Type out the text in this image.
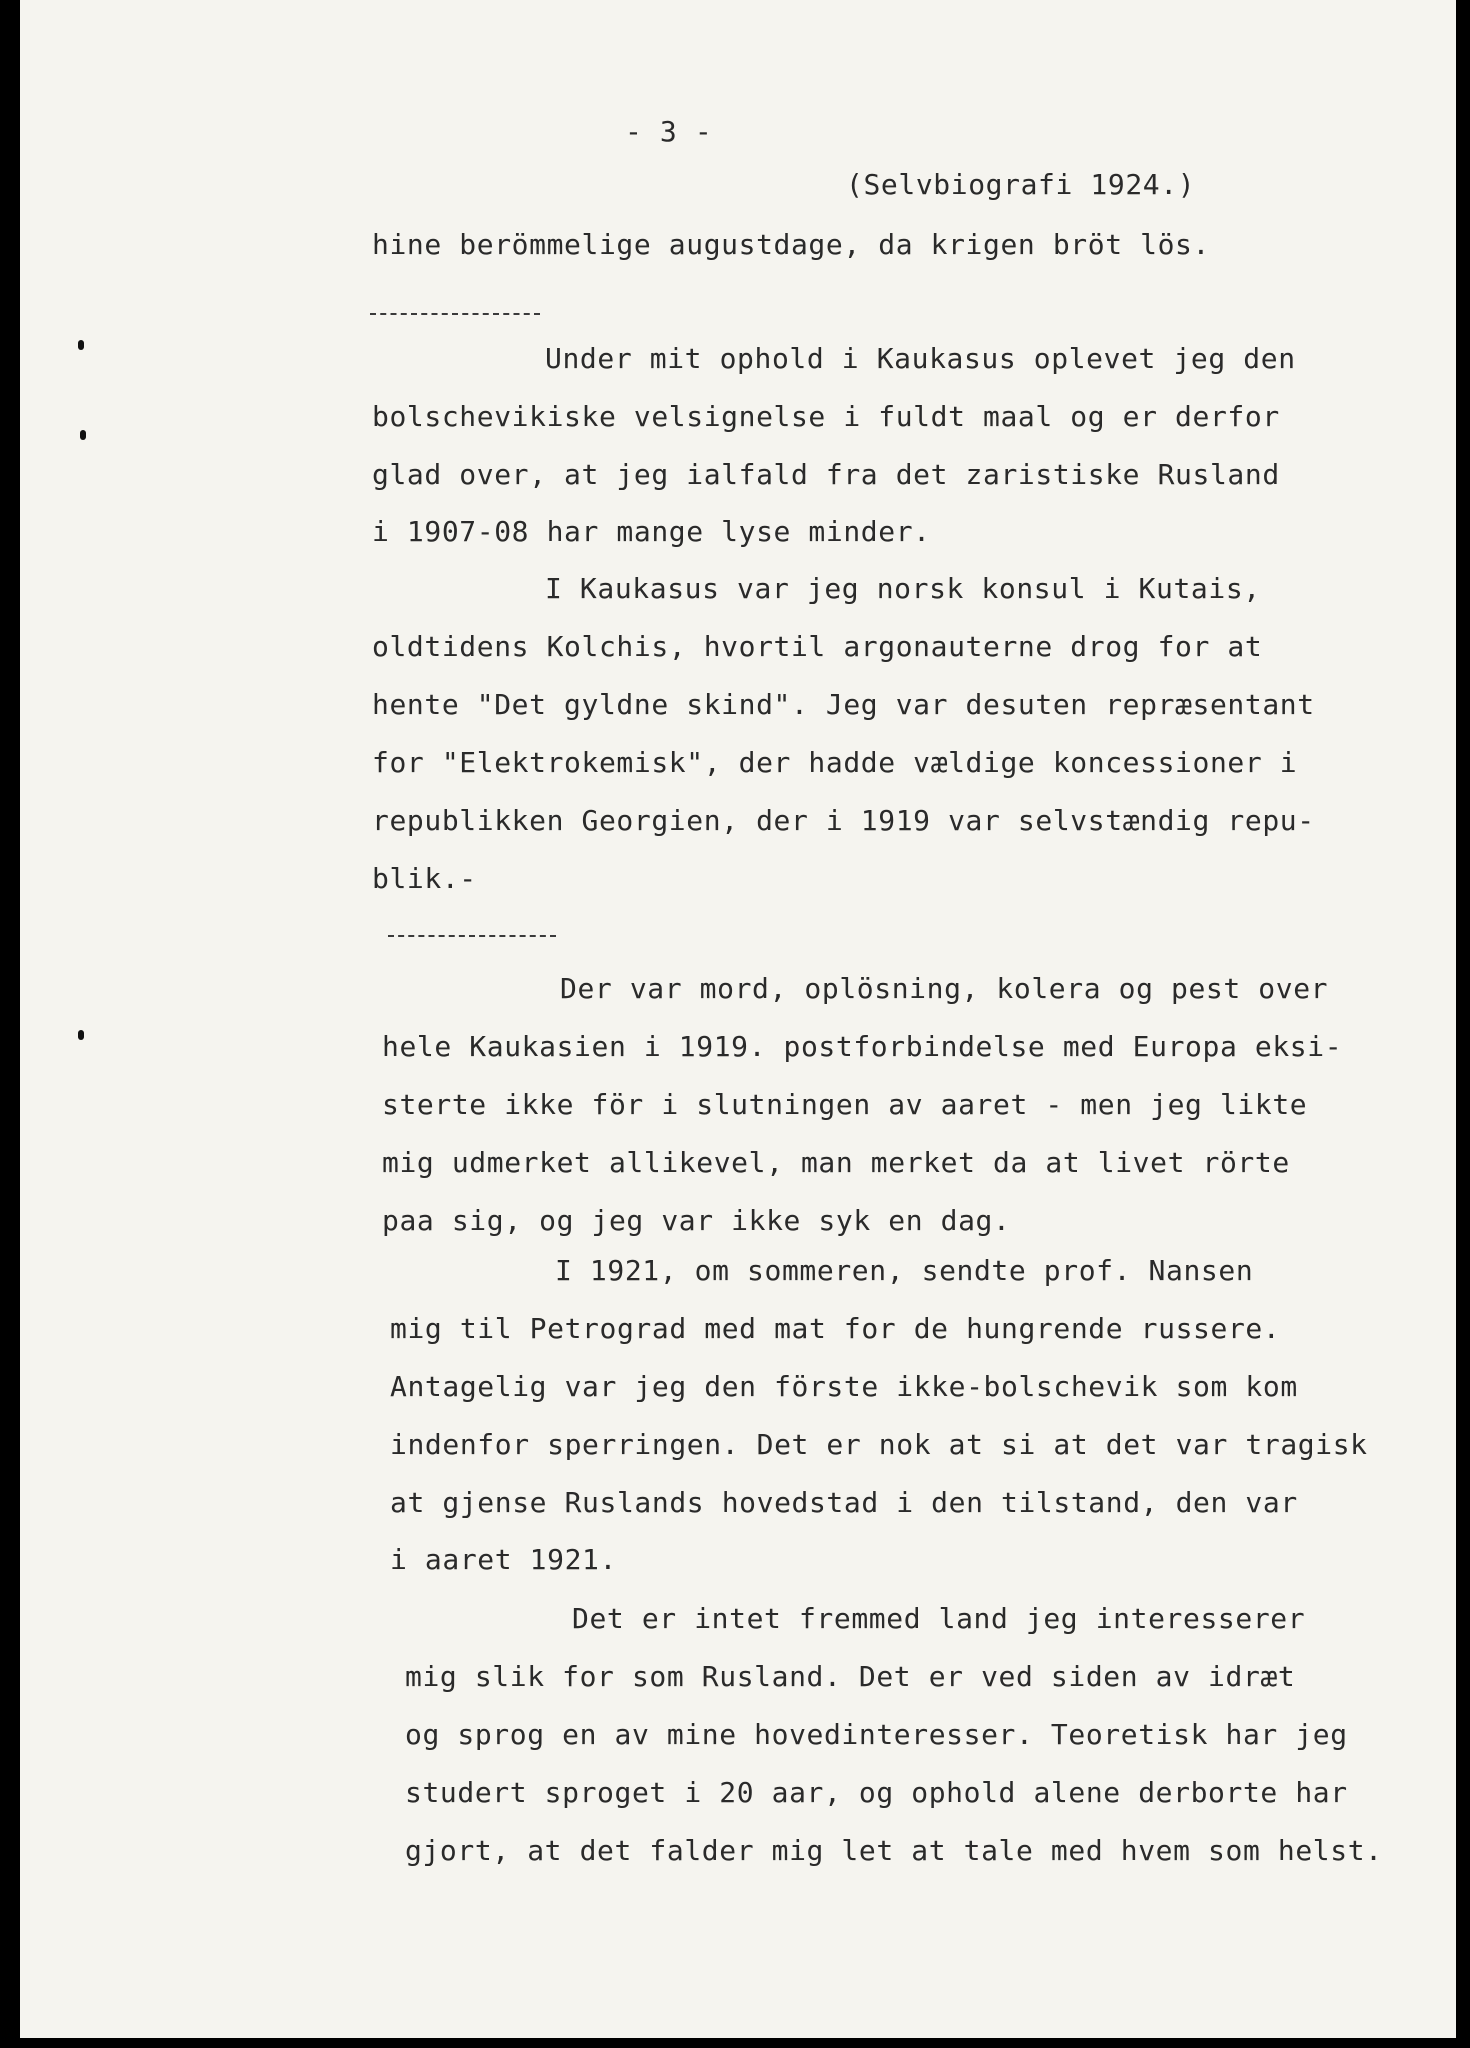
- 3 -
(Selvbiografi 1924.)
hine berömmelige augustdage, da krigen bröt lös.
Under mit ophold i Kaukasus oplevet jeg den
bolschevikiske velsignelse i fuldt maal og er derfor
glad over, at jeg ialfald fra det zaristiske Rusland
i 1907-08 har mange lyse minder.
I Kaukasus var jeg norsk konsul i Kutais,
oldtidens Kolchis, hvortil argonauterne drog for at
hente "Det gyldne skind". Jeg var desuten repræsentant
for "Elektrokemisk", der hadde vældige koncessioner i
republikken Georgien, der i 1919 var selvstændig repu-
blik.-
Der var mord, oplösning, kolera og pest over
hele Kaukasien i 1919. postforbindelse med Europa eksi-
sterte ikke för i slutningen av aaret - men jeg likte
mig udmerket allikevel, man merket da at livet rörte
paa sig, og jeg var ikke syk en dag.
I 1921, om sommeren, sendte prof. Nansen
mig til Petrograd med mat for de hungrende russere.
Antagelig var jeg den förste ikke-bolschevik som kom
indenfor sperringen. Det er nok at si at det var tragisk
at gjense Ruslands hovedstad i den tilstand, den var
i aaret 1921.
Det er intet fremmed land jeg interesserer
mig slik for som Rusland. Det er ved siden av idræt
og sprog en av mine hovedinteresser. Teoretisk har jeg
studert sproget i 20 aar, og ophold alene derborte har
gjort, at det falder mig let at tale med hvem som helst.
